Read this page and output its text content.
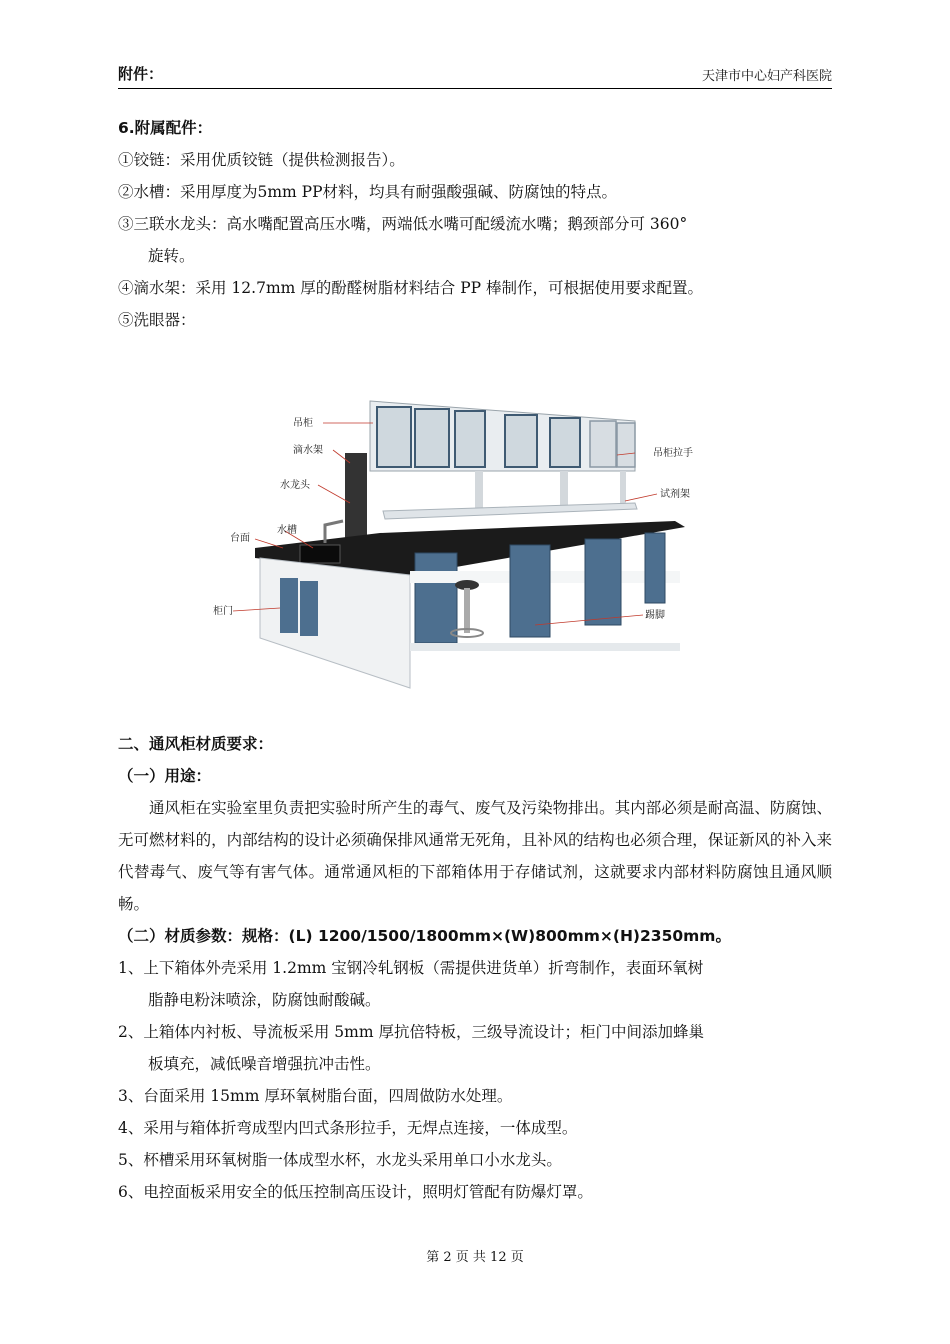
附件：	天津市中心妇产科医院
6.附属配件：
①铰链：采用优质铰链（提供检测报告）。
②水槽：采用厚度为5mm PP材料，均具有耐强酸强碱、防腐蚀的特点。
③三联水龙头：高水嘴配置高压水嘴，两端低水嘴可配缓流水嘴；鹅颈部分可 360°
旋转。
④滴水架：采用 12.7mm 厚的酚醛树脂材料结合 PP 棒制作，可根据使用要求配置。
⑤洗眼器：
吊柜
滴水架
水龙头
水槽
台面
柜门
吊柜拉手
试剂架
踢脚
二、通风柜材质要求：
（一）用途：
通风柜在实验室里负责把实验时所产生的毒气、废气及污染物排出。其内部必须是耐高温、防腐蚀、无可燃材料的，内部结构的设计必须确保排风通常无死角，且补风的结构也必须合理，保证新风的补入来代替毒气、废气等有害气体。通常通风柜的下部箱体用于存储试剂，这就要求内部材料防腐蚀且通风顺畅。
（二）材质参数：规格：(L) 1200/1500/1800mm×(W)800mm×(H)2350mm。
1、上下箱体外壳采用 1.2mm 宝钢冷轧钢板（需提供进货单）折弯制作，表面环氧树
脂静电粉沫喷涂，防腐蚀耐酸碱。
2、上箱体内衬板、导流板采用 5mm 厚抗倍特板，三级导流设计；柜门中间添加蜂巢
板填充，减低噪音增强抗冲击性。
3、台面采用 15mm 厚环氧树脂台面，四周做防水处理。
4、采用与箱体折弯成型内凹式条形拉手，无焊点连接，一体成型。
5、杯槽采用环氧树脂一体成型水杯，水龙头采用单口小水龙头。
6、电控面板采用安全的低压控制高压设计，照明灯管配有防爆灯罩。
第 2 页 共 12 页
